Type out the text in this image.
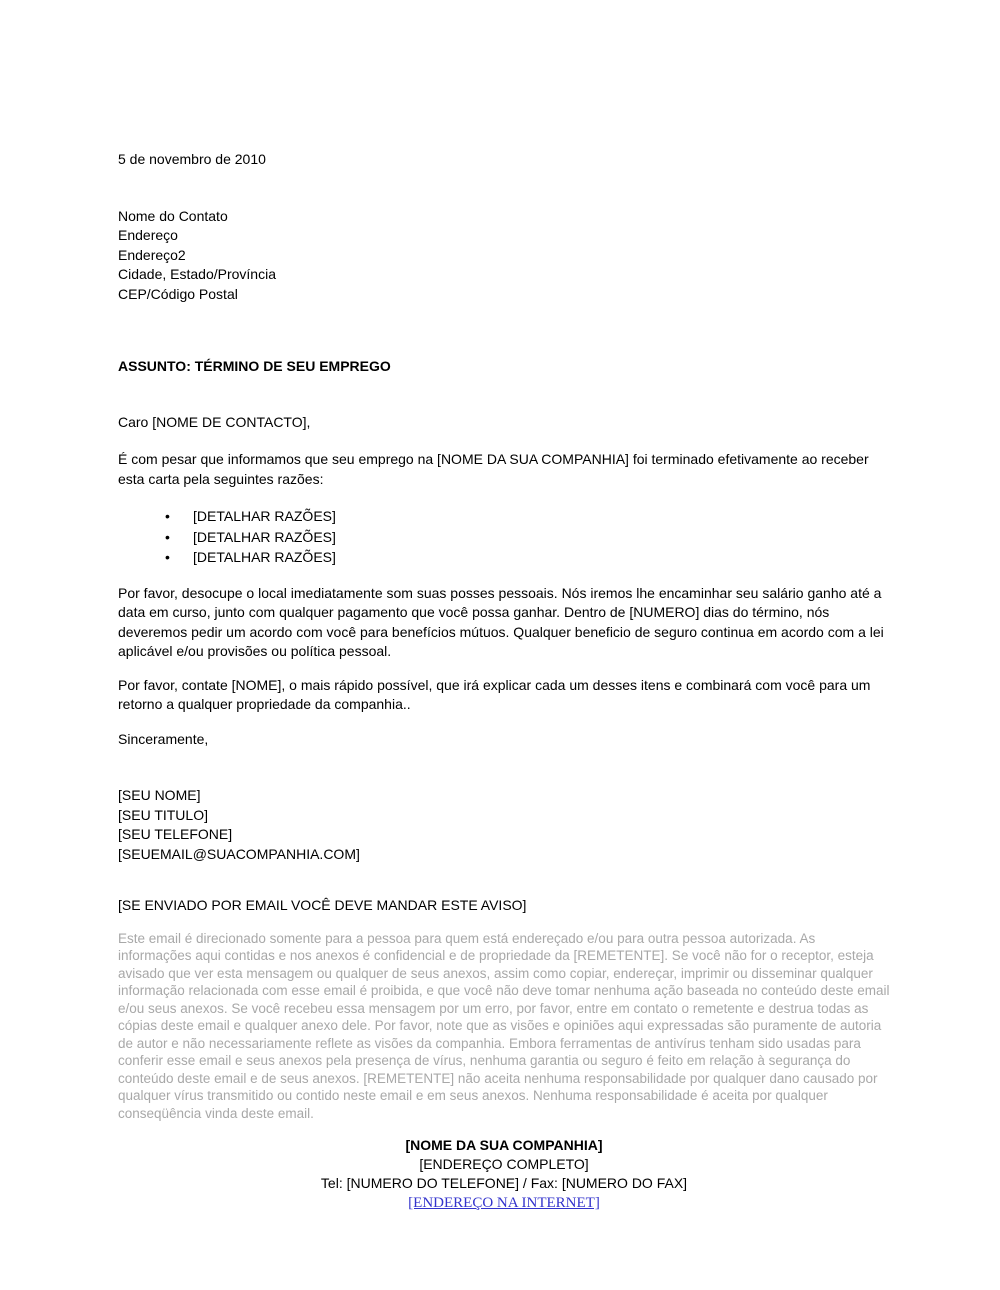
5 de novembro de 2010

Nome do Contato

Endereço

Endereço2

Cidade, Estado/Província

CEP/Código Postal

ASSUNTO: TÉRMINO DE SEU EMPREGO

Caro [NOME DE CONTACTO],

É com pesar que informamos que seu emprego na [NOME DA SUA COMPANHIA] foi terminado efetivamente ao receber esta carta pela seguintes razões:

• [DETALHAR RAZÕES]
• [DETALHAR RAZÕES]
• [DETALHAR RAZÕES]

Por favor, desocupe o local imediatamente som suas posses pessoais. Nós iremos lhe encaminhar seu salário ganho até a data em curso, junto com qualquer pagamento que você possa ganhar. Dentro de [NUMERO] dias do término, nós deveremos pedir um acordo com você para benefícios mútuos. Qualquer beneficio de seguro continua em acordo com a lei aplicável e/ou provisões ou política pessoal.

Por favor, contate [NOME], o mais rápido possível, que irá explicar cada um desses itens e combinará com você para um retorno a qualquer propriedade da companhia..

Sinceramente,

[SEU NOME]

[SEU TITULO]

[SEU TELEFONE]

[SEUEMAIL@SUACOMPANHIA.COM]

[SE ENVIADO POR EMAIL VOCÊ DEVE MANDAR ESTE AVISO]

Este email é direcionado somente para a pessoa para quem está endereçado e/ou para outra pessoa autorizada. As informações aqui contidas e nos anexos é confidencial e de propriedade da [REMETENTE]. Se você não for o receptor, esteja avisado que ver esta mensagem ou qualquer de seus anexos, assim como copiar, endereçar, imprimir ou disseminar qualquer informação relacionada com esse email é proibida, e que você não deve tomar nenhuma ação baseada no conteúdo deste email e/ou seus anexos. Se você recebeu essa mensagem por um erro, por favor, entre em contato o remetente e destrua todas as cópias deste email e qualquer anexo dele. Por favor, note que as visões e opiniões aqui expressadas são puramente de autoria de autor e não necessariamente reflete as visões da companhia. Embora ferramentas de antivírus tenham sido usadas para conferir esse email e seus anexos pela presença de vírus, nenhuma garantia ou seguro é feito em relação à segurança do conteúdo deste email e de seus anexos. [REMETENTE] não aceita nenhuma responsabilidade por qualquer dano causado por qualquer vírus transmitido ou contido neste email e em seus anexos. Nenhuma responsabilidade é aceita por qualquer conseqüência vinda deste email.

[NOME DA SUA COMPANHIA]

[ENDEREÇO COMPLETO]

Tel: [NUMERO DO TELEFONE] / Fax: [NUMERO DO FAX]

[ENDEREÇO NA INTERNET]
